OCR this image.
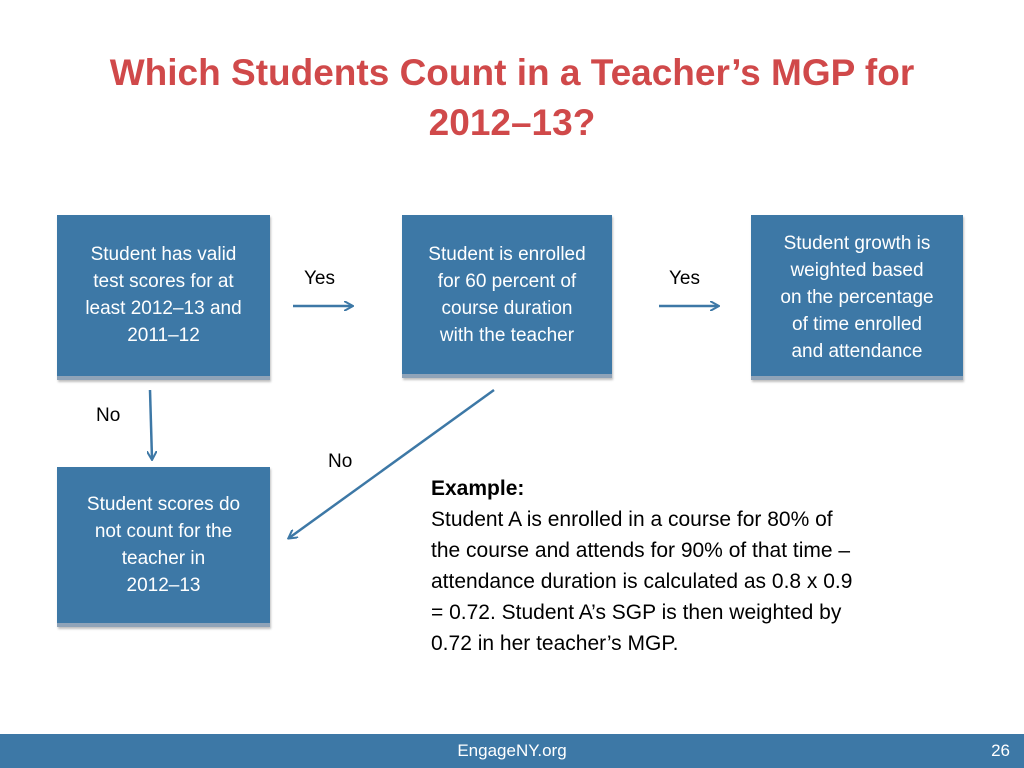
Which Students Count in a Teacher’s MGP for
2012–13?
Student has valid
test scores for at
least 2012–13 and
2011–12
Student is enrolled
for 60 percent of
course duration
with the teacher
Student growth is
weighted based
on the percentage
of time enrolled
and attendance
Student scores do
not count for the
teacher in
2012–13
Yes	Yes
No
No
Example:
Student A is enrolled in a course for 80% of
the course and attends for 90% of that time –
attendance duration is calculated as 0.8 x 0.9
= 0.72. Student A’s SGP is then weighted by
0.72 in her teacher’s MGP.
EngageNY.org	26
